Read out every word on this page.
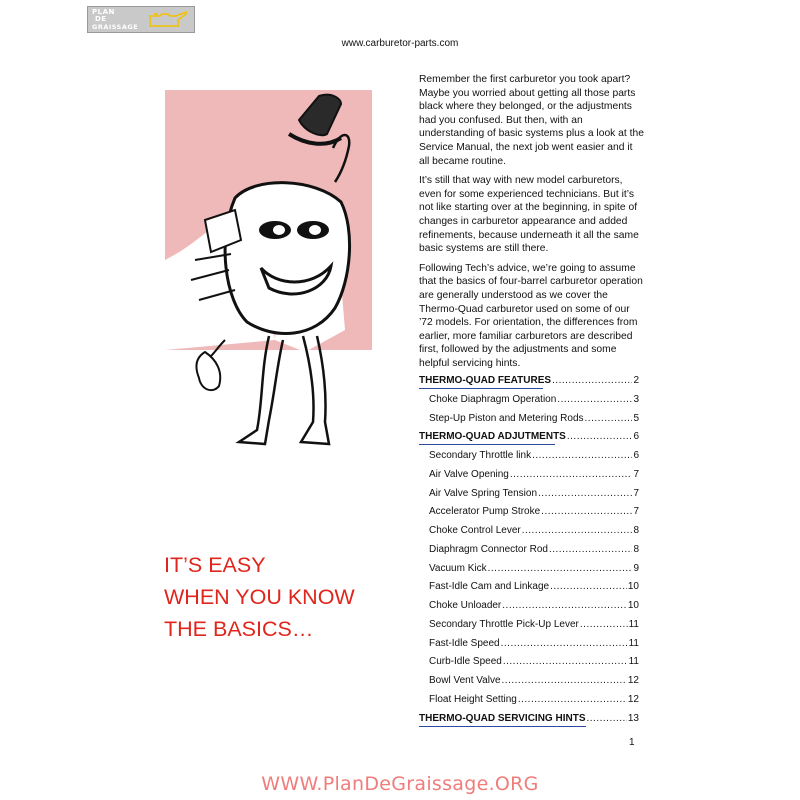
PLAN
DE
GRAISSAGE
www.carburetor-parts.com
IT’S EASY
WHEN YOU KNOW
THE BASICS…

Remember the first carburetor you took apart? Maybe you worried about getting all those parts black where they belonged, or the adjustments had you confused. But then, with an understanding of basic systems plus a look at the Service Manual, the next job went easier and it all became routine.

It’s still that way with new model carburetors, even for some experienced technicians. But it’s not like starting over at the beginning, in spite of changes in carburetor appearance and added refinements, because underneath it all the same basic systems are still there.

Following Tech’s advice, we’re going to assume that the basics of four-barrel carburetor operation are generally understood as we cover the Thermo-Quad carburetor used on some of our ’72 models. For orientation, the differences from earlier, more familiar carburetors are described first, followed by the adjustments and some helpful servicing hints.

THERMO-QUAD FEATURES .....	2
Choke Diaphragm Operation .....	3
Step-Up Piston and Metering Rods .....	5
THERMO-QUAD ADJUTMENTS .....	6
Secondary Throttle link .....	6
Air Valve Opening .....	7
Air Valve Spring Tension .....	7
Accelerator Pump Stroke .....	7
Choke Control Lever .....	8
Diaphragm Connector Rod .....	8
Vacuum Kick .....	9
Fast-Idle Cam and Linkage .....	10
Choke Unloader .....	10
Secondary Throttle Pick-Up Lever .....	11
Fast-Idle Speed .....	11
Curb-Idle Speed .....	11
Bowl Vent Valve .....	12
Float Height Setting .....	12
THERMO-QUAD SERVICING HINTS .....	13
1
WWW.PlanDeGraissage.ORG
